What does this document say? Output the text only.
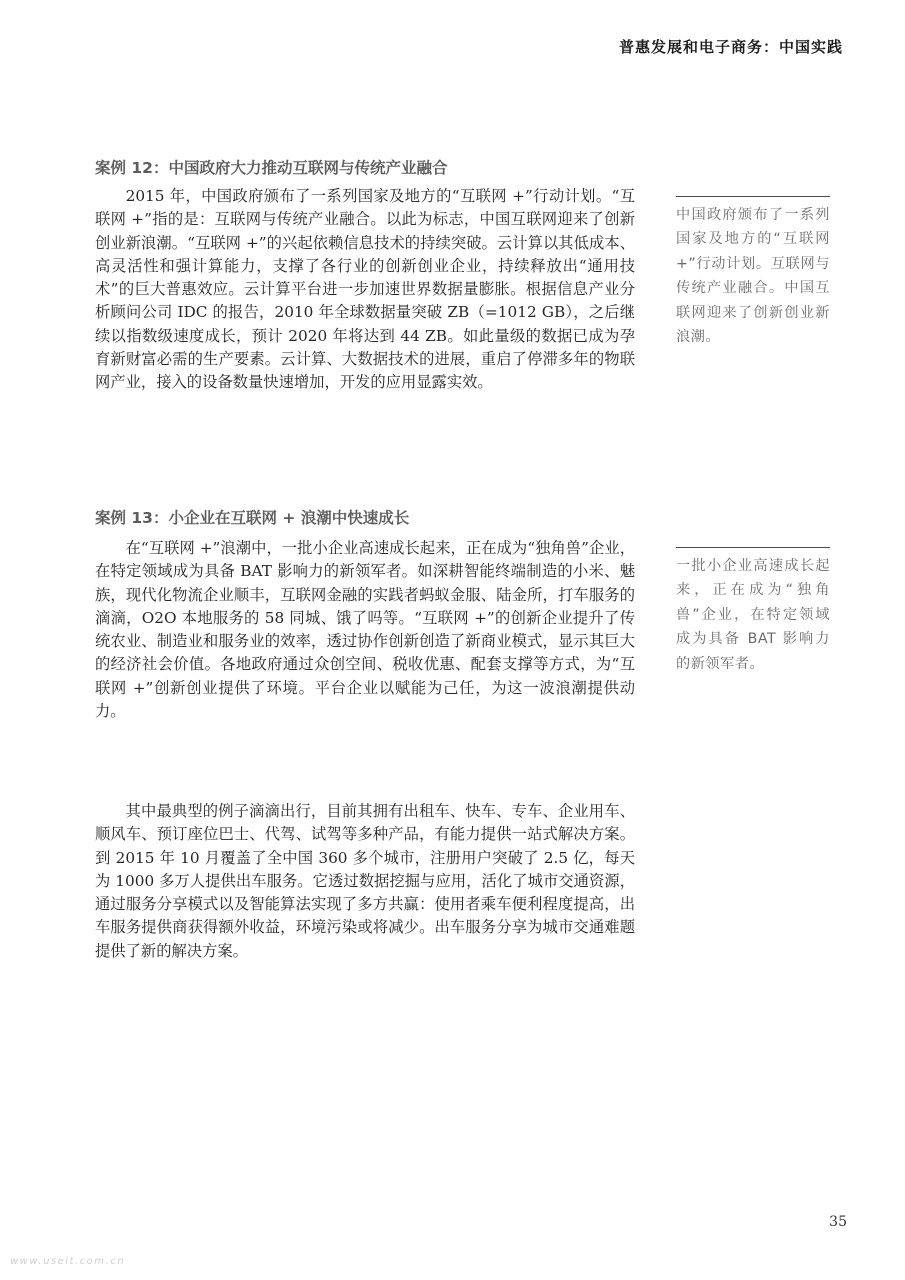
普惠发展和电子商务：中国实践
案例 12：中国政府大力推动互联网与传统产业融合

2015 年，中国政府颁布了一系列国家及地方的“互联网 +”行动计划。“互联网 +”指的是：互联网与传统产业融合。以此为标志，中国互联网迎来了创新创业新浪潮。“互联网 +”的兴起依赖信息技术的持续突破。云计算以其低成本、高灵活性和强计算能力，支撑了各行业的创新创业企业，持续释放出“通用技术”的巨大普惠效应。云计算平台进一步加速世界数据量膨胀。根据信息产业分析顾问公司 IDC 的报告，2010 年全球数据量突破 ZB（=1012 GB），之后继续以指数级速度成长，预计 2020 年将达到 44 ZB。如此量级的数据已成为孕育新财富必需的生产要素。云计算、大数据技术的进展，重启了停滞多年的物联网产业，接入的设备数量快速增加，开发的应用显露实效。

中国政府颁布了一系列国家及地方的“互联网 +”行动计划。互联网与传统产业融合。中国互联网迎来了创新创业新浪潮。
案例 13：小企业在互联网 + 浪潮中快速成长

在“互联网 +”浪潮中，一批小企业高速成长起来，正在成为“独角兽”企业，在特定领域成为具备 BAT 影响力的新领军者。如深耕智能终端制造的小米、魅族，现代化物流企业顺丰，互联网金融的实践者蚂蚁金服、陆金所，打车服务的滴滴，O2O 本地服务的 58 同城、饿了吗等。“互联网 +”的创新企业提升了传统农业、制造业和服务业的效率，透过协作创新创造了新商业模式，显示其巨大的经济社会价值。各地政府通过众创空间、税收优惠、配套支撑等方式，为“互联网 +”创新创业提供了环境。平台企业以赋能为己任，为这一波浪潮提供动力。

一批小企业高速成长起来，正在成为“独角兽”企业，在特定领域成为具备 BAT 影响力的新领军者。

其中最典型的例子滴滴出行，目前其拥有出租车、快车、专车、企业用车、顺风车、预订座位巴士、代驾、试驾等多种产品，有能力提供一站式解决方案。到 2015 年 10 月覆盖了全中国 360 多个城市，注册用户突破了 2.5 亿，每天为 1000 多万人提供出车服务。它透过数据挖掘与应用，活化了城市交通资源，通过服务分享模式以及智能算法实现了多方共赢：使用者乘车便利程度提高，出车服务提供商获得额外收益，环境污染或将减少。出车服务分享为城市交通难题提供了新的解决方案。

35
www.useit.com.cn
